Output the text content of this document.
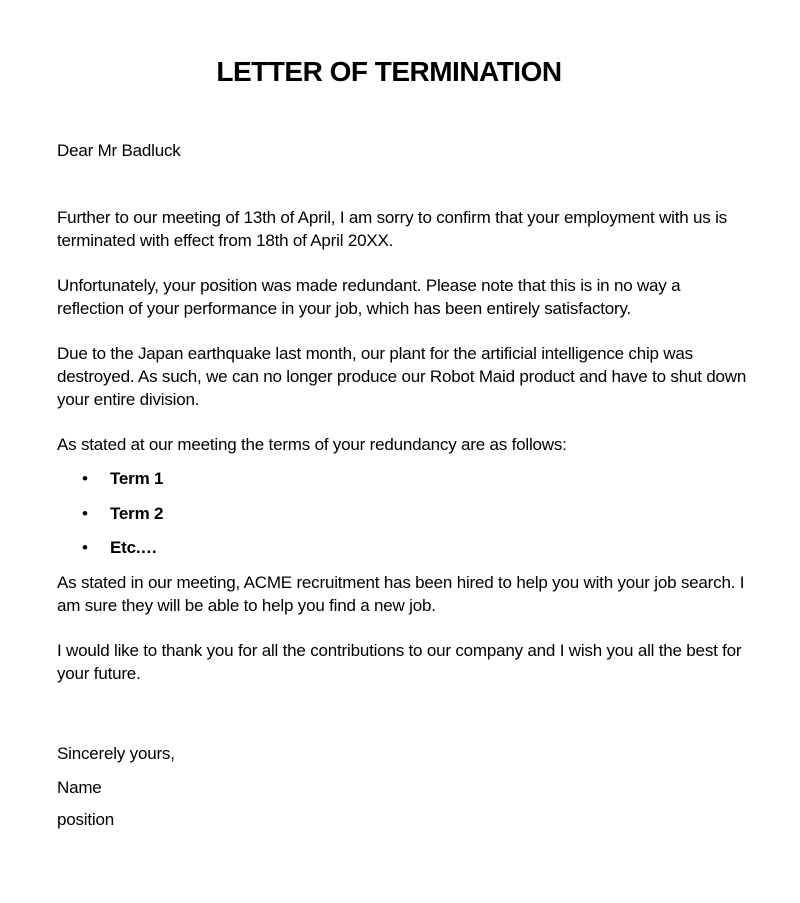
LETTER OF TERMINATION
Dear Mr Badluck
Further to our meeting of 13th of April, I am sorry to confirm that your employment with us is terminated with effect from 18th of April 20XX.
Unfortunately, your position was made redundant. Please note that this is in no way a reflection of your performance in your job, which has been entirely satisfactory.
Due to the Japan earthquake last month, our plant for the artificial intelligence chip was destroyed. As such, we can no longer produce our Robot Maid product and have to shut down your entire division.
As stated at our meeting the terms of your redundancy are as follows:
• Term 1
• Term 2
• Etc.…
As stated in our meeting, ACME recruitment has been hired to help you with your job search. I am sure they will be able to help you find a new job.
I would like to thank you for all the contributions to our company and I wish you all the best for your future.
Sincerely yours,
Name
position
